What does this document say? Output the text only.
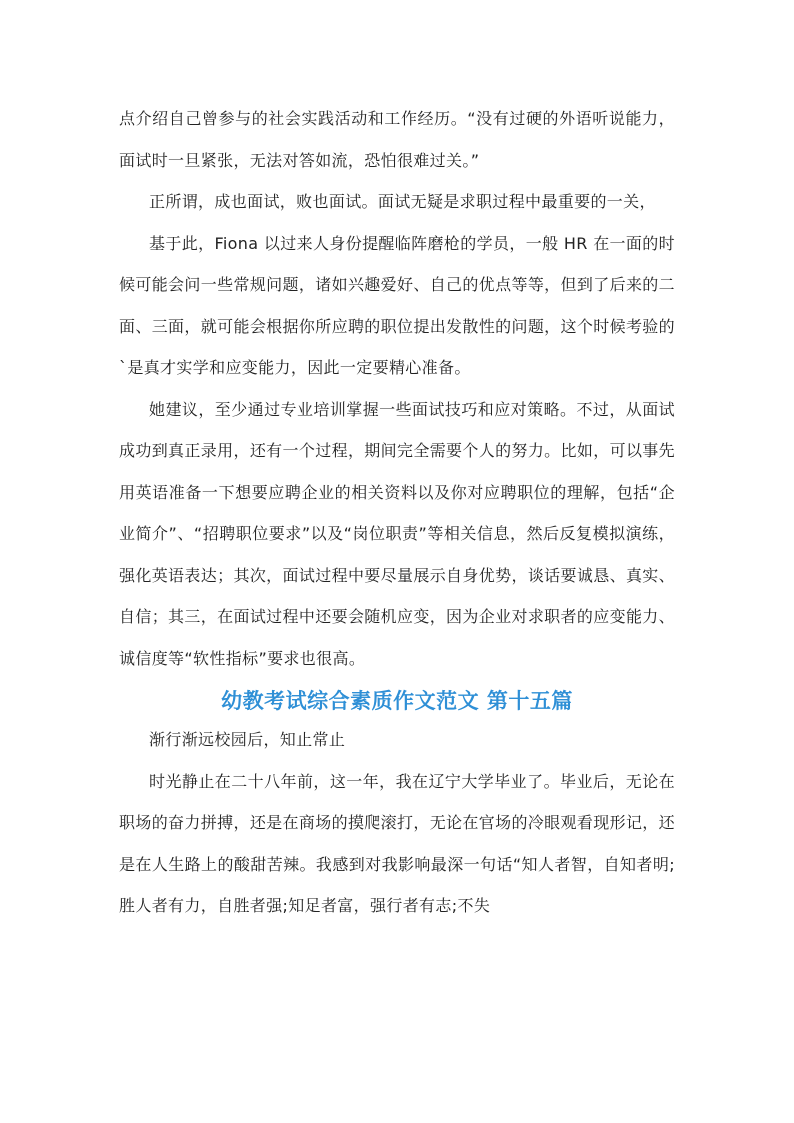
点介绍自己曾参与的社会实践活动和工作经历。“没有过硬的外语听说能力，面试时一旦紧张，无法对答如流，恐怕很难过关。”

正所谓，成也面试，败也面试。面试无疑是求职过程中最重要的一关，

基于此，Fiona 以过来人身份提醒临阵磨枪的学员，一般 HR 在一面的时候可能会问一些常规问题，诸如兴趣爱好、自己的优点等等，但到了后来的二面、三面，就可能会根据你所应聘的职位提出发散性的问题，这个时候考验的`是真才实学和应变能力，因此一定要精心准备。

她建议，至少通过专业培训掌握一些面试技巧和应对策略。不过，从面试成功到真正录用，还有一个过程，期间完全需要个人的努力。比如，可以事先用英语准备一下想要应聘企业的相关资料以及你对应聘职位的理解，包括“企业简介”、“招聘职位要求”以及“岗位职责”等相关信息，然后反复模拟演练，强化英语表达；其次，面试过程中要尽量展示自身优势，谈话要诚恳、真实、自信；其三，在面试过程中还要会随机应变，因为企业对求职者的应变能力、诚信度等“软性指标”要求也很高。

幼教考试综合素质作文范文 第十五篇

渐行渐远校园后，知止常止

时光静止在二十八年前，这一年，我在辽宁大学毕业了。毕业后，无论在职场的奋力拼搏，还是在商场的摸爬滚打，无论在官场的冷眼观看现形记，还是在人生路上的酸甜苦辣。我感到对我影响最深一句话“知人者智，自知者明;胜人者有力，自胜者强;知足者富，强行者有志;不失
